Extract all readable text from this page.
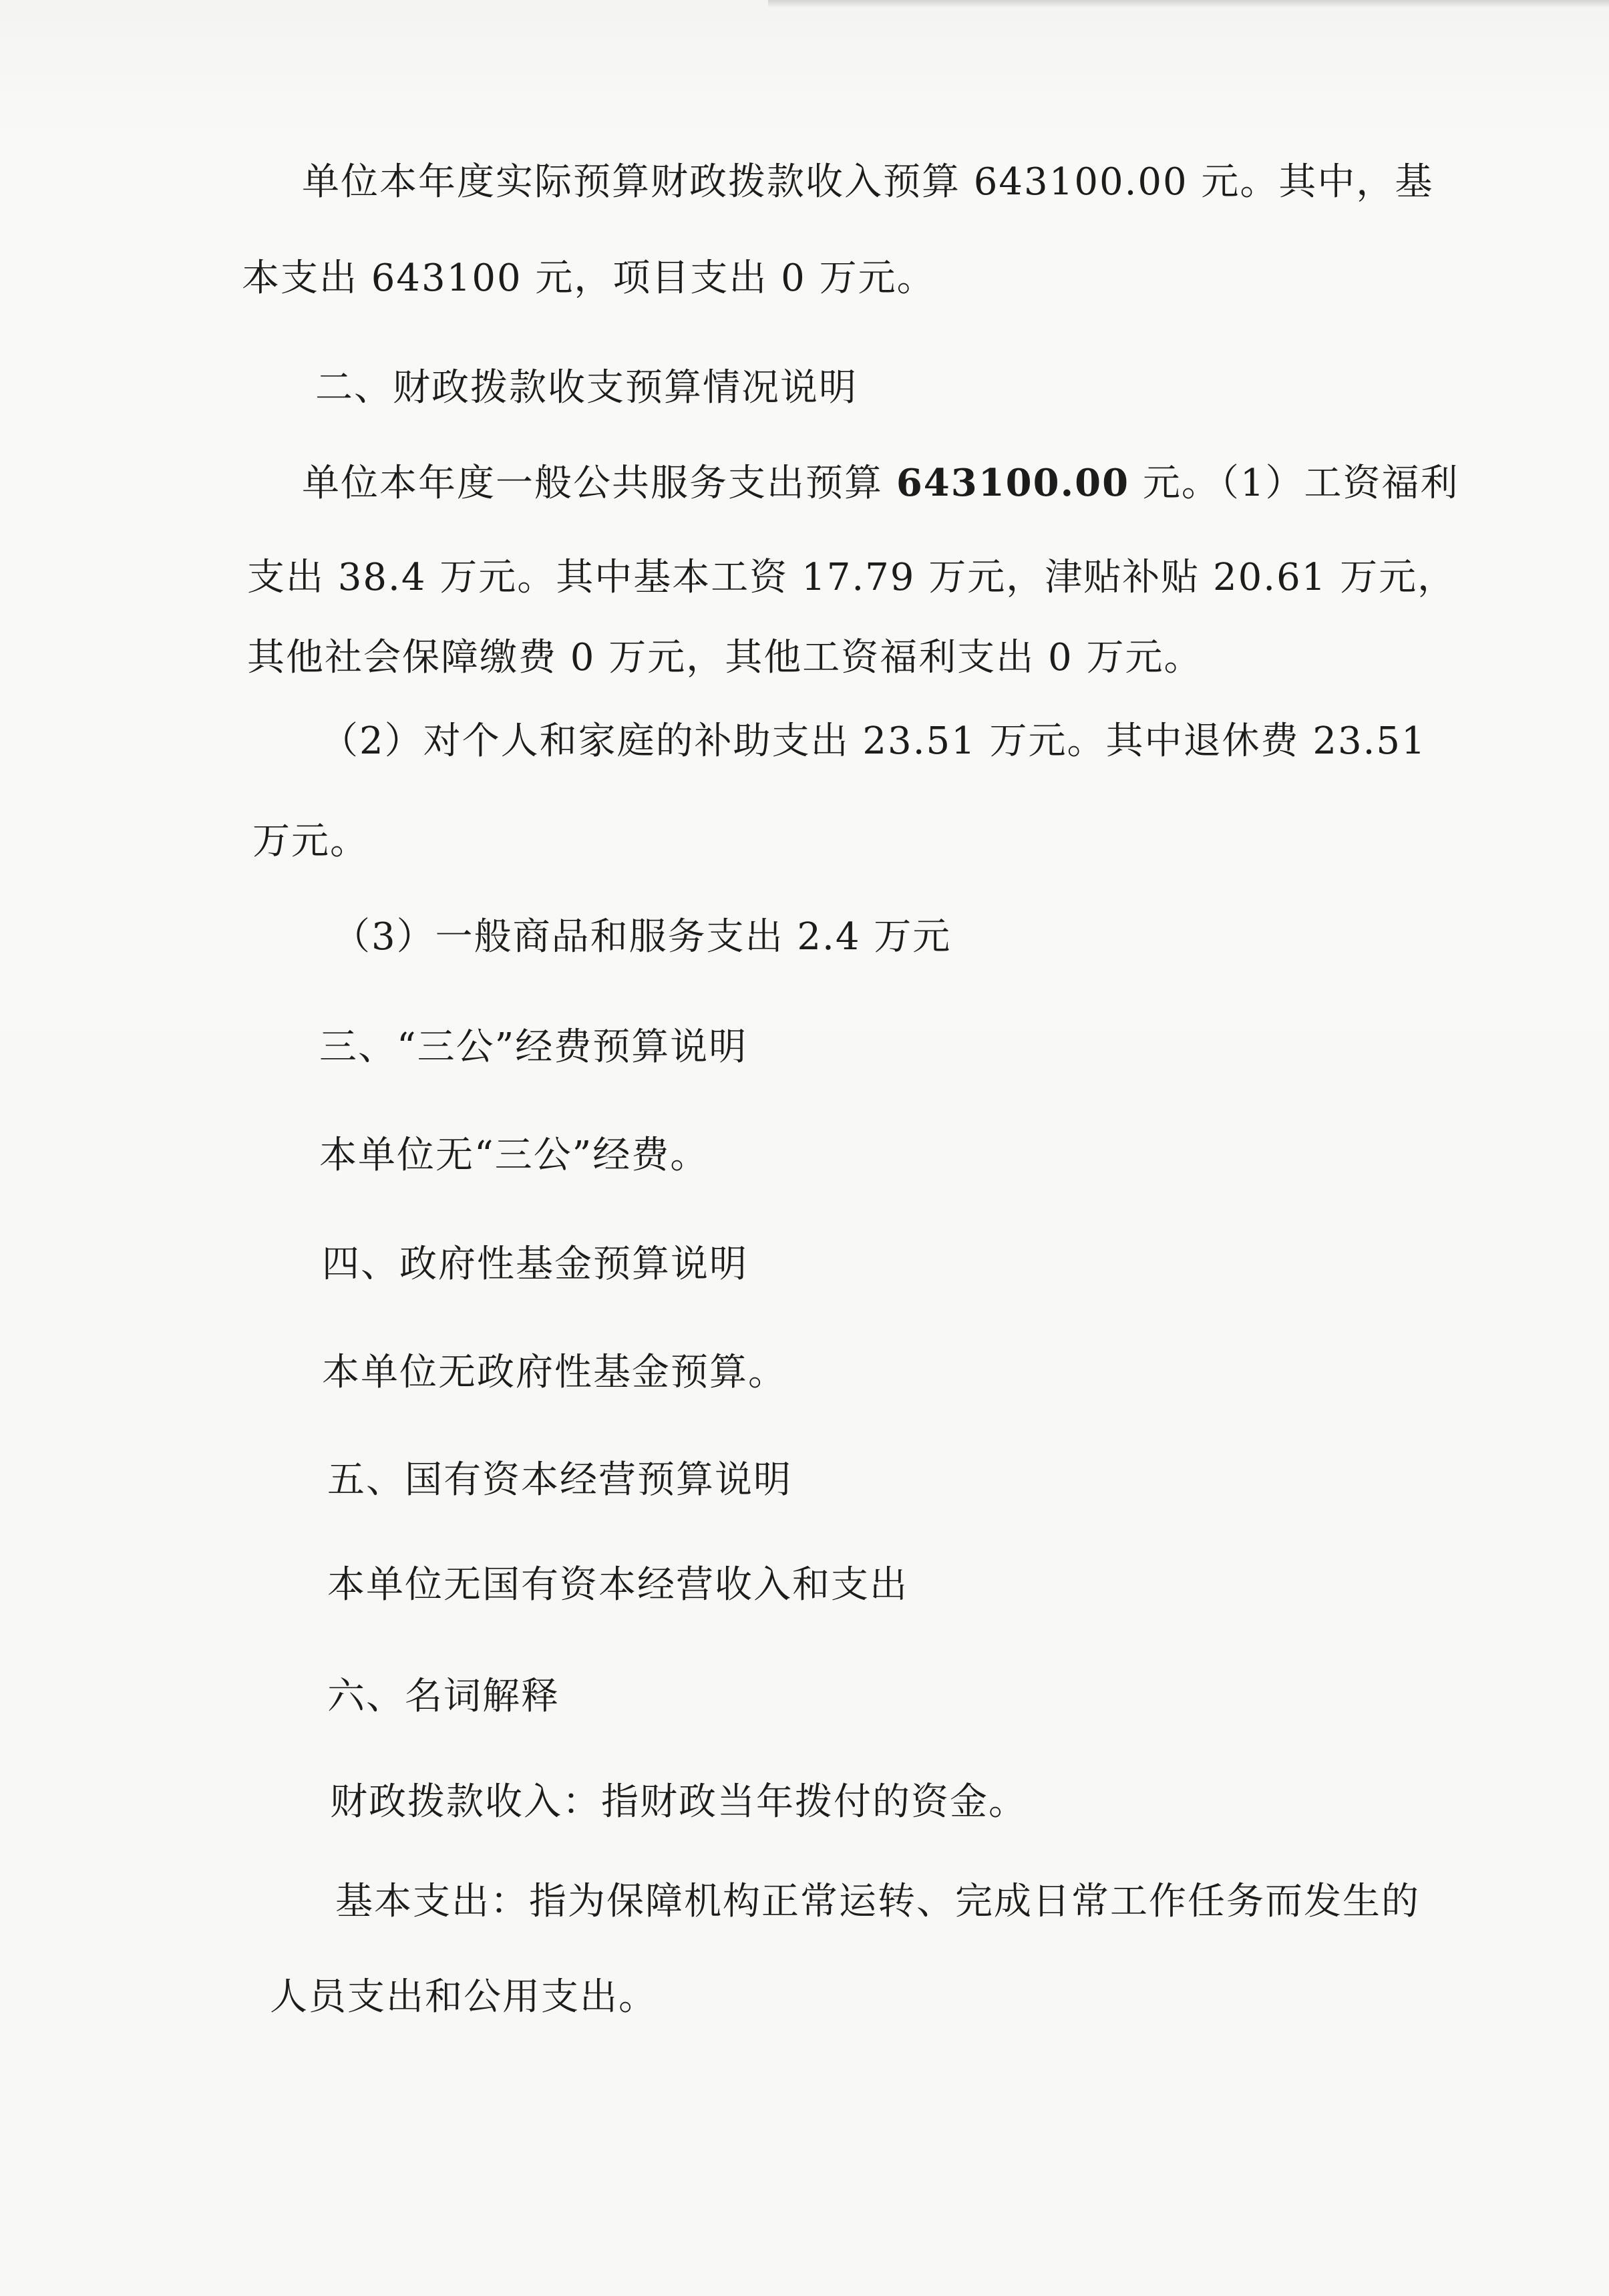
单位本年度实际预算财政拨款收入预算 643100.00 元。其中，基
本支出 643100 元，项目支出 0 万元。
二、财政拨款收支预算情况说明
单位本年度一般公共服务支出预算 643100.00 元。（1）工资福利
支出 38.4 万元。其中基本工资 17.79 万元，津贴补贴 20.61 万元，
其他社会保障缴费 0 万元，其他工资福利支出 0 万元。
（2）对个人和家庭的补助支出 23.51 万元。其中退休费 23.51
万元。
（3）一般商品和服务支出 2.4 万元
三、“三公”经费预算说明
本单位无“三公”经费。
四、政府性基金预算说明
本单位无政府性基金预算。
五、国有资本经营预算说明
本单位无国有资本经营收入和支出
六、名词解释
财政拨款收入：指财政当年拨付的资金。
基本支出：指为保障机构正常运转、完成日常工作任务而发生的
人员支出和公用支出。
